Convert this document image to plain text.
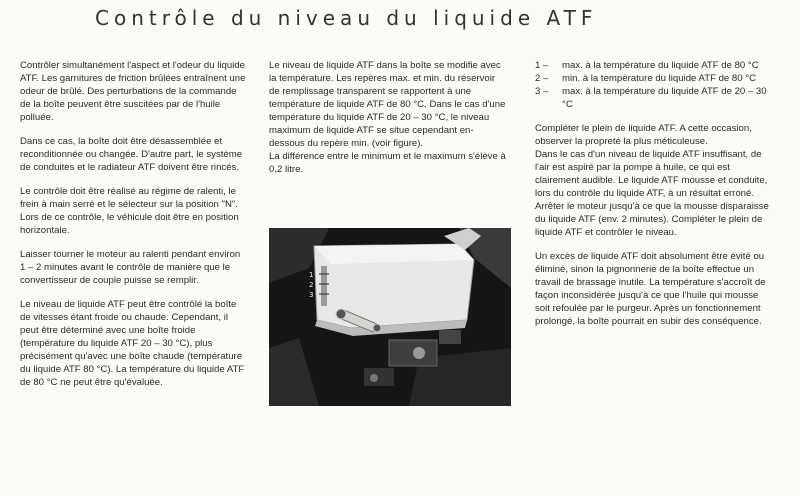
Contrôle du niveau du liquide ATF

Contrôler simultanément l'aspect et l'odeur du liquide ATF. Les garnitures de friction brûlées entraînent une odeur de brûlé. Des perturbations de la commande de la boîte peuvent être suscitées par de l'huile polluée.

Dans ce cas, la boîte doit être désassemblée et reconditionnée ou changée. D'autre part, le système de conduites et le radiateur ATF doivent être rincés.

Le contrôle doit être réalisé au régime de ralenti, le frein à main serré et le sélecteur sur la position "N". Lors de ce contrôle, le véhicule doit être en position horizontale.

Laisser tourner le moteur au ralenti pendant environ 1 – 2 minutes avant le contrôle de manière que le convertisseur de couple puisse se remplir.

Le niveau de liquide ATF peut être contrôlé la boîte de vitesses étant froide ou chaude. Cependant, il peut être déterminé avec une boîte froide (température du liquide ATF 20 – 30 °C), plus précisément qu'avec une boîte chaude (température du liquide ATF 80 °C). La température du liquide ATF de 80 °C ne peut être qu'évaluée.

Le niveau de liquide ATF dans la boîte se modifie avec la température. Les repères max. et min. du réservoir de remplissage transparent se rapportent à une température de liquide ATF de 80 °C. Dans le cas d'une température du liquide ATF de 20 – 30 °C, le niveau maximum de liquide ATF se situe cependant en-dessous du repère min. (voir figure).

La différence entre le minimum et le maximum s'élève à 0,2 litre.

1
2
3
1 –	max. à la température du liquide ATF de 80 °C
2 –	min. à la température du liquide ATF de 80 °C
3 –	max. à la température du liquide ATF de 20 – 30 °C

Compléter le plein de liquide ATF. A cette occasion, observer la propreté la plus méticuleuse.

Dans le cas d'un niveau de liquide ATF insuffisant, de l'air est aspiré par la pompe à huile, ce qui est clairement audible. Le liquide ATF mousse et conduite, lors du contrôle du liquide ATF, à un résultat erroné. Arrêter le moteur jusqu'à ce que la mousse disparaisse du liquide ATF (env. 2 minutes). Compléter le plein de liquide ATF et contrôler le niveau.

Un excès de liquide ATF doit absolument être évité ou éliminé, sinon la pignonnerie de la boîte effectue un travail de brassage inutile. La température s'accroît de façon inconsidérée jusqu'à ce que l'huile qui mousse soit refoulée par le purgeur. Après un fonctionnement prolongé, la boîte pourrait en subir des conséquence.
